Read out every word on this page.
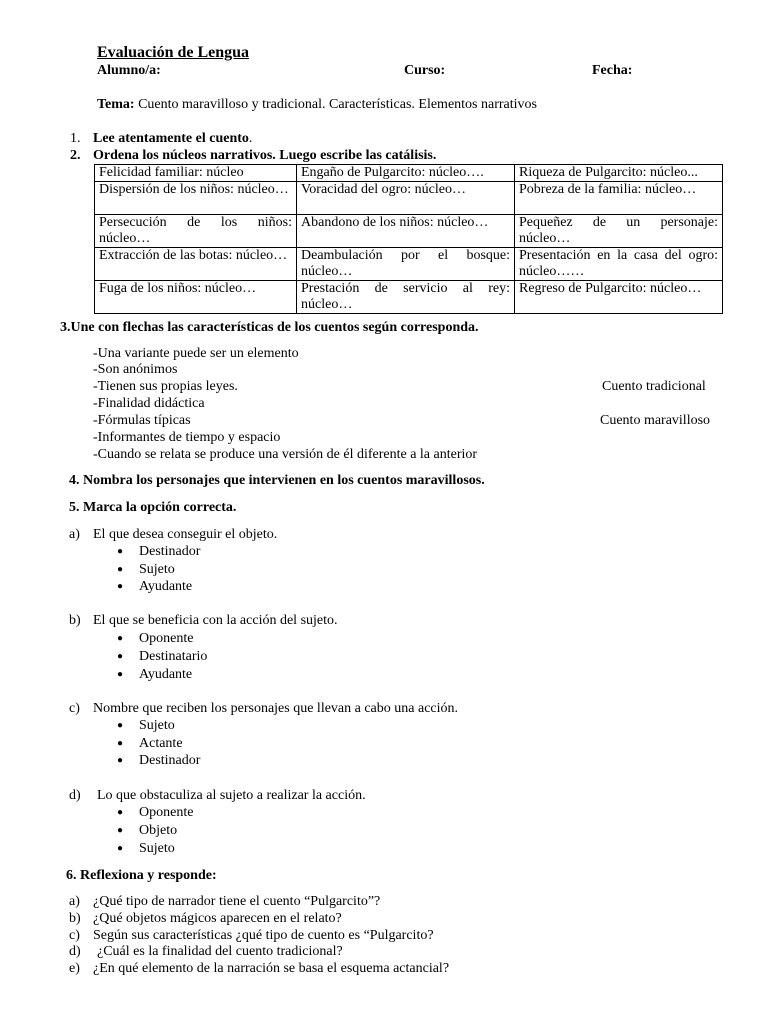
Evaluación de Lengua
Alumno/a:	Curso:	Fecha:
Tema: Cuento maravilloso y tradicional. Características. Elementos narrativos
1. Lee atentamente el cuento.
2. Ordena los núcleos narrativos. Luego escribe las catálisis.
Felicidad familiar: núcleo	Engaño de Pulgarcito: núcleo….	Riqueza de Pulgarcito: núcleo...
Dispersión de los niños: núcleo…	Voracidad del ogro: núcleo…	Pobreza de la familia: núcleo…
Persecución de los niños: núcleo…	Abandono de los niños: núcleo…	Pequeñez de un personaje: núcleo…
Extracción de las botas: núcleo…	Deambulación por el bosque: núcleo…	Presentación en la casa del ogro: núcleo……
Fuga de los niños: núcleo…	Prestación de servicio al rey: núcleo…	Regreso de Pulgarcito: núcleo…
3.Une con flechas las características de los cuentos según corresponda.
-Una variante puede ser un elemento
-Son anónimos
-Tienen sus propias leyes.
-Finalidad didáctica
-Fórmulas típicas
-Informantes de tiempo y espacio
-Cuando se relata se produce una versión de él diferente a la anterior
Cuento tradicional
Cuento maravilloso
4. Nombra los personajes que intervienen en los cuentos maravillosos.
5. Marca la opción correcta.
a) El que desea conseguir el objeto.
● Destinador
● Sujeto
● Ayudante
b) El que se beneficia con la acción del sujeto.
● Oponente
● Destinatario
● Ayudante
c) Nombre que reciben los personajes que llevan a cabo una acción.
● Sujeto
● Actante
● Destinador
d) Lo que obstaculiza al sujeto a realizar la acción.
● Oponente
● Objeto
● Sujeto
6. Reflexiona y responde:
a) ¿Qué tipo de narrador tiene el cuento “Pulgarcito”?
b) ¿Qué objetos mágicos aparecen en el relato?
c) Según sus características ¿qué tipo de cuento es “Pulgarcito?
d) ¿Cuál es la finalidad del cuento tradicional?
e) ¿En qué elemento de la narración se basa el esquema actancial?
